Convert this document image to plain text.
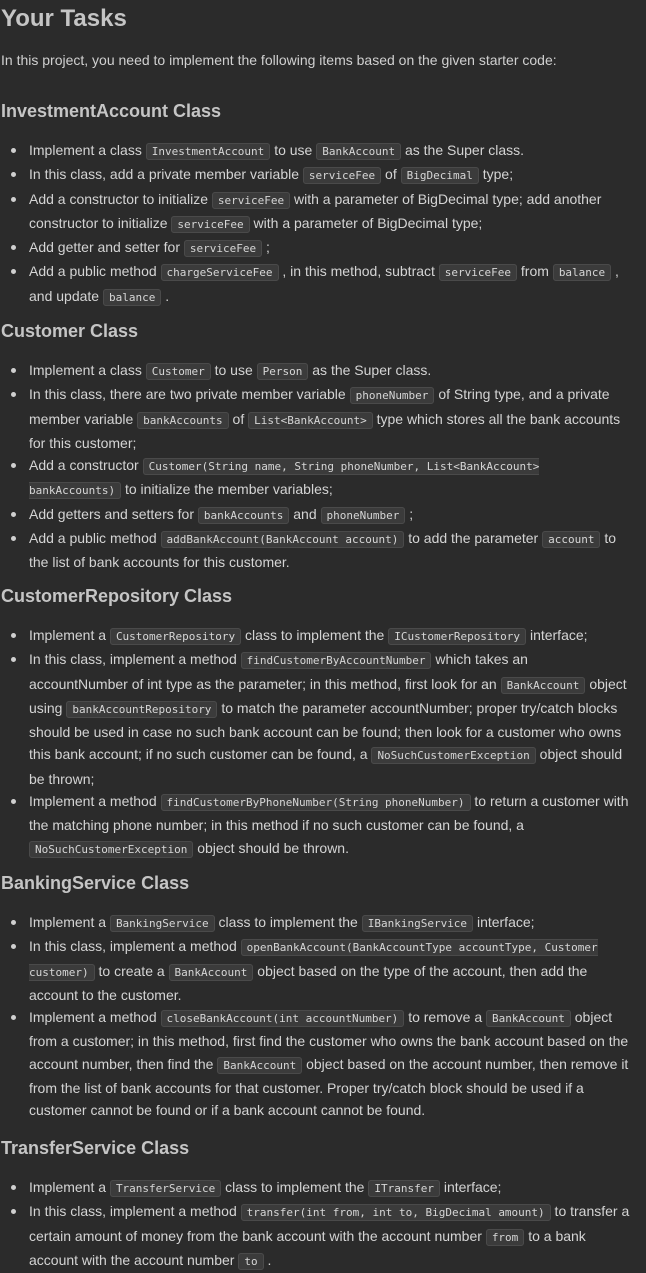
Your Tasks

In this project, you need to implement the following items based on the given starter code:

InvestmentAccount Class
Implement a class InvestmentAccount to use BankAccount as the Super class.
In this class, add a private member variable serviceFee of BigDecimal type;
Add a constructor to initialize serviceFee with a parameter of BigDecimal type; add another constructor to initialize serviceFee with a parameter of BigDecimal type;
Add getter and setter for serviceFee ;
Add a public method chargeServiceFee , in this method, subtract serviceFee from balance , and update balance .
Customer Class
Implement a class Customer to use Person as the Super class.
In this class, there are two private member variable phoneNumber of String type, and a private member variable bankAccounts of List<BankAccount> type which stores all the bank accounts for this customer;
Add a constructor Customer(String name, String phoneNumber, List<BankAccount> bankAccounts) to initialize the member variables;
Add getters and setters for bankAccounts and phoneNumber ;
Add a public method addBankAccount(BankAccount account) to add the parameter account to the list of bank accounts for this customer.
CustomerRepository Class
Implement a CustomerRepository class to implement the ICustomerRepository interface;
In this class, implement a method findCustomerByAccountNumber which takes an accountNumber of int type as the parameter; in this method, first look for an BankAccount object using bankAccountRepository to match the parameter accountNumber; proper try/catch blocks should be used in case no such bank account can be found; then look for a customer who owns this bank account; if no such customer can be found, a NoSuchCustomerException object should be thrown;
Implement a method findCustomerByPhoneNumber(String phoneNumber) to return a customer with the matching phone number; in this method if no such customer can be found, a NoSuchCustomerException object should be thrown.
BankingService Class
Implement a BankingService class to implement the IBankingService interface;
In this class, implement a method openBankAccount(BankAccountType accountType, Customer customer) to create a BankAccount object based on the type of the account, then add the account to the customer.
Implement a method closeBankAccount(int accountNumber) to remove a BankAccount object from a customer; in this method, first find the customer who owns the bank account based on the account number, then find the BankAccount object based on the account number, then remove it from the list of bank accounts for that customer. Proper try/catch block should be used if a customer cannot be found or if a bank account cannot be found.
TransferService Class
Implement a TransferService class to implement the ITransfer interface;
In this class, implement a method transfer(int from, int to, BigDecimal amount) to transfer a certain amount of money from the bank account with the account number from to a bank account with the account number to .
